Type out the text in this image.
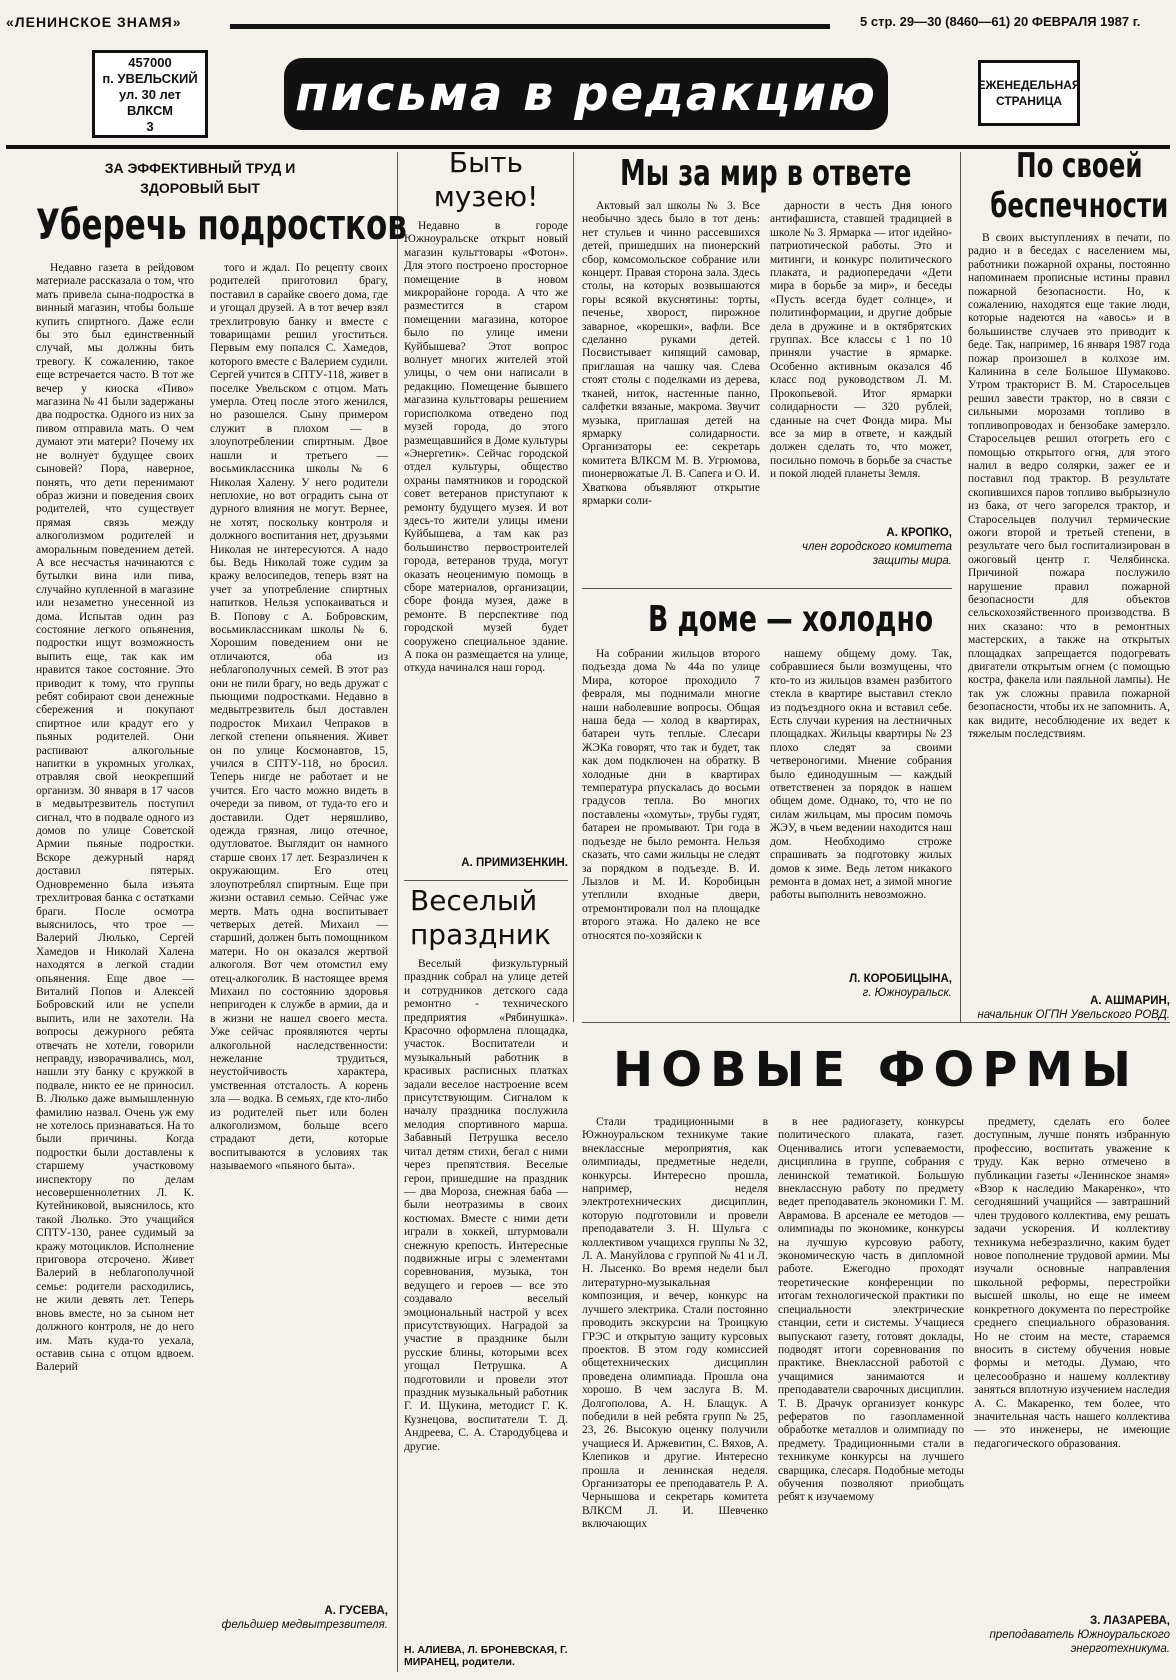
«ЛЕНИНСКОЕ ЗНАМЯ»	5 стр. 29—30 (8460—61) 20 ФЕВРАЛЯ 1987 г.
457000
п. УВЕЛЬСКИЙ
ул. 30 лет ВЛКСМ
3
письма в редакцию	ЕЖЕНЕДЕЛЬНАЯ СТРАНИЦА
ЗА ЭФФЕКТИВНЫЙ ТРУД И ЗДОРОВЫЙ БЫТ
Уберечь подростков

Недавно газета в рейдовом материале рассказала о том, что мать привела сына-подростка в винный магазин, чтобы больше купить спиртного. Даже если бы это был единственный случай, мы должны бить тревогу. К сожалению, такое еще встречается часто. В тот же вечер у киоска «Пиво» магазина № 41 были задержаны два подростка. Одного из них за пивом отправила мать. О чем думают эти матери? Почему их не волнует будущее своих сыновей? Пора, наверное, понять, что дети перенимают образ жизни и поведения своих родителей, что существует прямая связь между алкоголизмом родителей и аморальным поведением детей. А все несчастья начинаются с бутылки вина или пива, случайно купленной в магазине или незаметно унесенной из дома. Испытав один раз состояние легкого опьянения, подростки ищут возможность выпить еще, так как им нравится такое состояние. Это приводит к тому, что группы ребят собирают свои денежные сбережения и покупают спиртное или крадут его у пьяных родителей. Они распивают алкогольные напитки в укромных уголках, отравляя свой неокрепший организм. 30 января в 17 часов в медвытрезвитель поступил сигнал, что в подвале одного из домов по улице Советской Армии пьяные подростки. Вскоре дежурный наряд доставил пятерых. Одновременно была изъята трехлитровая банка с остатками браги. После осмотра выяснилось, что трое — Валерий Люлько, Сергей Хамедов и Николай Халена находятся в легкой стадии опьянения. Еще двое — Виталий Попов и Алексей Бобровский или не успели выпить, или не захотели. На вопросы дежурного ребята отвечать не хотели, говорили неправду, изворачивались, мол, нашли эту банку с кружкой в подвале, никто ее не приносил. В. Люлько даже вымышленную фамилию назвал. Очень уж ему не хотелось признаваться. На то были причины. Когда подростки были доставлены к старшему участковому инспектору по делам несовершеннолетних Л. К. Кутейниковой, выяснилось, кто такой Люлько. Это учащийся СПТУ-130, ранее судимый за кражу мотоциклов. Исполнение приговора отсрочено. Живет Валерий в неблагополучной семье: родители расходились, не жили девять лет. Теперь вновь вместе, но за сыном нет должного контроля, не до него им. Мать куда-то уехала, оставив сына с отцом вдвоем. Валерий

того и ждал. По рецепту своих родителей приготовил брагу, поставил в сарайке своего дома, где и угощал друзей. А в тот вечер взял трехлитровую банку и вместе с товарищами решил угоститься. Первым ему попался С. Хамедов, которого вместе с Валерием судили. Сергей учится в СПТУ-118, живет в поселке Увельском с отцом. Мать умерла. Отец после этого женился, но разошелся. Сыну примером служит в плохом — в злоупотреблении спиртным. Двое нашли и третьего — восьмиклассника школы № 6 Николая Халену. У него родители неплохие, но вот оградить сына от дурного влияния не могут. Вернее, не хотят, поскольку контроля и должного воспитания нет, друзьями Николая не интересуются. А надо бы. Ведь Николай тоже судим за кражу велосипедов, теперь взят на учет за употребление спиртных напитков. Нельзя успокаиваться и В. Попову с А. Бобровским, восьмиклассникам школы № 6. Хорошим поведением они не отличаются, оба из неблагополучных семей. В этот раз они не пили брагу, но ведь дружат с пьющими подростками. Недавно в медвытрезвитель был доставлен подросток Михаил Чепраков в легкой степени опьянения. Живет он по улице Космонавтов, 15, учился в СПТУ-118, но бросил. Теперь нигде не работает и не учится. Его часто можно видеть в очереди за пивом, от туда-то его и доставили. Одет неряшливо, одежда грязная, лицо отечное, одутловатое. Выглядит он намного старше своих 17 лет. Безразличен к окружающим. Его отец злоупотреблял спиртным. Еще при жизни оставил семью. Сейчас уже мертв. Мать одна воспитывает четверых детей. Михаил — старший, должен быть помощником матери. Но он оказался жертвой алкоголя. Вот чем отомстил ему отец-алкоголик. В настоящее время Михаил по состоянию здоровья непригоден к службе в армии, да и в жизни не нашел своего места. Уже сейчас проявляются черты алкогольной наследственности: нежелание трудиться, неустойчивость характера, умственная отсталость. А корень зла — водка. В семьях, где кто-либо из родителей пьет или болен алкоголизмом, больше всего страдают дети, которые воспитываются в условиях так называемого «пьяного быта».

А. ГУСЕВА,
фельдшер медвытрезвителя.
Быть музею!

Недавно в городе Южноуральске открыт новый магазин культтовары «Фотон». Для этого построено просторное помещение в новом микрорайоне города. А что же разместится в старом помещении магазина, которое было по улице имени Куйбышева? Этот вопрос волнует многих жителей этой улицы, о чем они написали в редакцию. Помещение бывшего магазина культтовары решением горисполкома отведено под музей города, до этого размещавшийся в Доме культуры «Энергетик». Сейчас городской отдел культуры, общество охраны памятников и городской совет ветеранов приступают к ремонту будущего музея. И вот здесь-то жители улицы имени Куйбышева, а там как раз большинство первостроителей города, ветеранов труда, могут оказать неоценимую помощь в сборе материалов, организации, сборе фонда музея, даже в ремонте. В перспективе под городской музей будет сооружено специальное здание. А пока он размещается на улице, откуда начинался наш город.

А. ПРИМИЗЕНКИН.
Веселый праздник

Веселый физкультурный праздник собрал на улице детей и сотрудников детского сада ремонтно - технического предприятия «Рябинушка». Красочно оформлена площадка, участок. Воспитатели и музыкальный работник в красивых расписных платках задали веселое настроение всем присутствующим. Сигналом к началу праздника послужила мелодия спортивного марша. Забавный Петрушка весело читал детям стихи, бегал с ними через препятствия. Веселые герои, пришедшие на праздник — два Мороза, снежная баба — были неотразимы в своих костюмах. Вместе с ними дети играли в хоккей, штурмовали снежную крепость. Интересные подвижные игры с элементами соревнования, музыка, тон ведущего и героев — все это создавало веселый эмоциональный настрой у всех присутствующих. Наградой за участие в празднике были русские блины, которыми всех угощал Петрушка. А подготовили и провели этот праздник музыкальный работник Г. И. Щукина, методист Г. К. Кузнецова, воспитатели Т. Д. Андреева, С. А. Стародубцева и другие.

Н. АЛИЕВА, Л. БРОНЕВСКАЯ, Г. МИРАНЕЦ, родители.
Мы за мир в ответе

Актовый зал школы № 3. Все необычно здесь было в тот день: нет стульев и чинно рассевшихся детей, пришедших на пионерский сбор, комсомольское собрание или концерт. Правая сторона зала. Здесь столы, на которых возвышаются горы всякой вкуснятины: торты, печенье, хворост, пирожное заварное, «корешки», вафли. Все сделанно руками детей. Посвистывает кипящий самовар, приглашая на чашку чая. Слева стоят столы с поделками из дерева, тканей, ниток, настенные панно, салфетки вязаные, макрома. Звучит музыка, приглашая детей на ярмарку солидарности. Организаторы ее: секретарь комитета ВЛКСМ М. В. Угрюмова, пионервожатые Л. В. Сапега и О. И. Хваткова объявляют открытие ярмарки соли-

дарности в честь Дня юного антифашиста, ставшей традицией в школе № 3. Ярмарка — итог идейно-патриотической работы. Это и митинги, и конкурс политического плаката, и радиопередачи «Дети мира в борьбе за мир», и беседы «Пусть всегда будет солнце», и политинформации, и другие добрые дела в дружине и в октябрятских группах. Все классы с 1 по 10 приняли участие в ярмарке. Особенно активным оказался 4б класс под руководством Л. М. Прокопьевой. Итог ярмарки солидарности — 320 рублей, сданные на счет Фонда мира. Мы все за мир в ответе, и каждый должен сделать то, что может, посильно помочь в борьбе за счастье и покой людей планеты Земля.

А. КРОПКО,
член городского комитета защиты мира.
В доме — холодно

На собрании жильцов второго подъезда дома № 44а по улице Мира, которое проходило 7 февраля, мы поднимали многие наши наболевшие вопросы. Общая наша беда — холод в квартирах, батареи чуть теплые. Слесари ЖЭКа говорят, что так и будет, так как дом подключен на обратку. В холодные дни в квартирах температура рпускалась до восьми градусов тепла. Во многих поставлены «хомуты», трубы гудят, батареи не промывают. Три года в подъезде не было ремонта. Нельзя сказать, что сами жильцы не следят за порядком в подъезде. В. И. Лызлов и М. И. Коробицын утеплили входные двери, отремонтировали пол на площадке второго этажа. Но далеко не все относятся по-хозяйски к

нашему общему дому. Так, собравшиеся были возмущены, что кто-то из жильцов взамен разбитого стекла в квартире выставил стекло из подъездного окна и вставил себе. Есть случаи курения на лестничных площадках. Жильцы квартиры № 23 плохо следят за своими четвероногими. Мнение собрания было единодушным — каждый ответственен за порядок в нашем общем доме. Однако, то, что не по силам жильцам, мы просим помочь ЖЭУ, в чьем ведении находится наш дом. Необходимо строже спрашивать за подготовку жилых домов к зиме. Ведь летом никакого ремонта в домах нет, а зимой многие работы выполнить невозможно.

Л. КОРОБИЦЫНА,
г. Южноуральск.
По своей беспечности

В своих выступлениях в печати, по радио и в беседах с населением мы, работники пожарной охраны, постоянно напоминаем прописные истины правил пожарной безопасности. Но, к сожалению, находятся еще такие люди, которые надеются на «авось» и в большинстве случаев это приводит к беде. Так, например, 16 января 1987 года пожар произошел в колхозе им. Калинина в селе Большое Шумаково. Утром тракторист В. М. Старосельцев решил завести трактор, но в связи с сильными морозами топливо в топливопроводах и бензобаке замерзло. Старосельцев решил отогреть его с помощью открытого огня, для этого налил в ведро солярки, зажег ее и поставил под трактор. В результате скопившихся паров топливо выбрызнуло из бака, от чего загорелся трактор, и Старосельцев получил термические ожоги второй и третьей степени, в результате чего был госпитализирован в ожоговый центр г. Челябинска. Причиной пожара послужило нарушение правил пожарной безопасности для объектов сельскохозяйственного производства. В них сказано: что в ремонтных мастерских, а также на открытых площадках запрещается подогревать двигатели открытым огнем (с помощью костра, факела или паяльной лампы). Не так уж сложны правила пожарной безопасности, чтобы их не запомнить. А, как видите, несоблюдение их ведет к тяжелым последствиям.

А. АШМАРИН,
начальник ОГПН Увельского РОВД.
НОВЫЕ ФОРМЫ

Стали традиционными в Южноуральском техникуме такие внеклассные мероприятия, как олимпиады, предметные недели, конкурсы. Интересно прошла, например, неделя электротехнических дисциплин, которую подготовили и провели преподаватели З. Н. Шульга с коллективом учащихся группы № 32, Л. А. Мануйлова с группой № 41 и Л. Н. Лысенко. Во время недели был литературно-музыкальная композиция, и вечер, конкурс на лучшего электрика. Стали постоянно проводить экскурсии на Троицкую ГРЭС и открытую защиту курсовых проектов. В этом году комиссией общетехнических дисциплин проведена олимпиада. Прошла она хорошо. В чем заслуга В. М. Долгополова, А. Н. Блащук. А победили в ней ребята групп № 25, 23, 26. Высокую оценку получили учащиеся И. Аржевитин, С. Вяхов, А. Клепиков и другие. Интересно прошла и ленинская неделя. Организаторы ее преподаватель Р. А. Чернышова и секретарь комитета ВЛКСМ Л. И. Шевченко включающих

в нее радиогазету, конкурсы политического плаката, газет. Оценивались итоги успеваемости, дисциплина в группе, собрания с ленинской тематикой. Большую внеклассную работу по предмету ведет преподаватель экономики Г. М. Аврамова. В арсенале ее методов — олимпиады по экономике, конкурсы на лучшую курсовую работу, экономическую часть в дипломной работе. Ежегодно проходят теоретические конференции по итогам технологической практики по специальности электрические станции, сети и системы. Учащиеся выпускают газету, готовят доклады, подводят итоги соревнования по практике. Внеклассной работой с учащимися занимаются и преподаватели сварочных дисциплин. Т. В. Драчук организует конкурс рефератов по газопламенной обработке металлов и олимпиаду по предмету. Традиционными стали в техникуме конкурсы на лучшего сварщика, слесаря. Подобные методы обучения позволяют приобщать ребят к изучаемому

предмету, сделать его более доступным, лучше понять избранную профессию, воспитать уважение к труду. Как верно отмечено в публикации газеты «Ленинское знамя» «Взор к наследию Макаренко», что сегодняшний учащийся — завтрашний член трудового коллектива, ему решать задачи ускорения. И коллективу техникума небезразлично, каким будет новое пополнение трудовой армии. Мы изучали основные направления школьной реформы, перестройки высшей школы, но еще не имеем конкретного документа по перестройке среднего специального образования. Но не стоим на месте, стараемся вносить в систему обучения новые формы и методы. Думаю, что целесообразно и нашему коллективу заняться вплотную изучением наследия А. С. Макаренко, тем более, что значительная часть нашего коллектива — это инженеры, не имеющие педагогического образования.

З. ЛАЗАРЕВА,
преподаватель Южноуральского энерготехникума.
